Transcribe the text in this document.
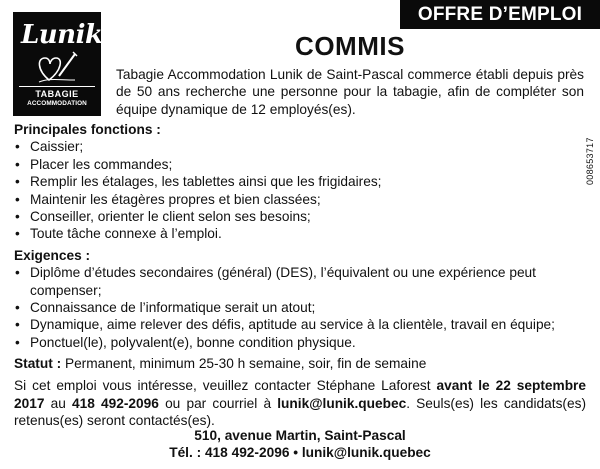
OFFRE D’EMPLOI
Lunik
TABAGIE
ACCOMMODATION
COMMIS
Tabagie Accommodation Lunik de Saint-Pascal commerce établi depuis près de 50 ans recherche une personne pour la tabagie, afin de compléter son équipe dynamique de 12 employés(es).
Principales fonctions :
• Caissier;
• Placer les commandes;
• Remplir les étalages, les tablettes ainsi que les frigidaires;
• Maintenir les étagères propres et bien classées;
• Conseiller, orienter le client selon ses besoins;
• Toute tâche connexe à l’emploi.
Exigences :
• Diplôme d’études secondaires (général) (DES), l’équivalent ou une expérience peut compenser;
• Connaissance de l’informatique serait un atout;
• Dynamique, aime relever des défis, aptitude au service à la clientèle, travail en équipe;
• Ponctuel(le), polyvalent(e), bonne condition physique.
Statut : Permanent, minimum 25-30 h semaine, soir, fin de semaine
Si cet emploi vous intéresse, veuillez contacter Stéphane Laforest avant le 22 septembre 2017 au 418 492-2096 ou par courriel à lunik@lunik.quebec. Seuls(es) les candidats(es) retenus(es) seront contactés(es).
510, avenue Martin, Saint-Pascal
Tél. : 418 492-2096 • lunik@lunik.quebec
008653717
